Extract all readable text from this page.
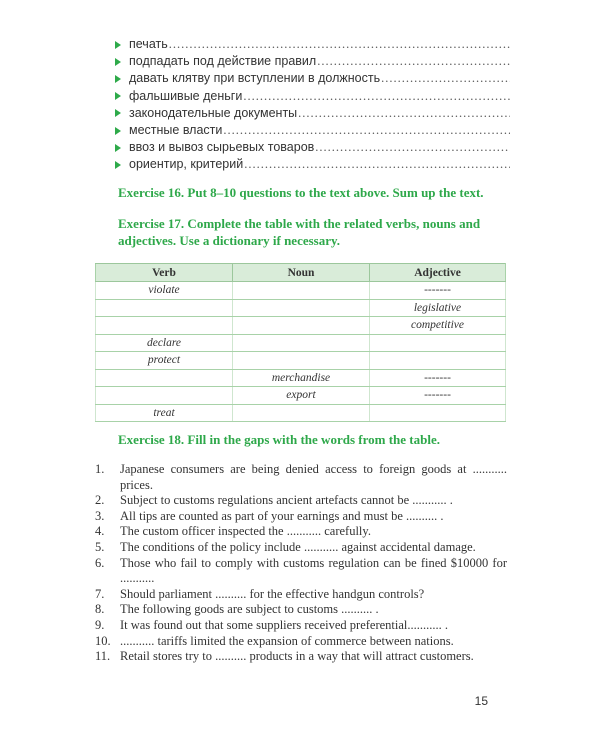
печать
.....
подпадать под действие правил
.....
давать клятву при вступлении в должность
.....
фальшивые деньги
.....
законодательные документы
.....
местные власти
.....
ввоз и вывоз сырьевых товаров
.....
ориентир, критерий
.....

Exercise 16. Put 8–10 questions to the text above. Sum up the text.

Exercise 17. Complete the table with the related verbs, nouns and adjectives. Use a dictionary if necessary.

Verb	Noun	Adjective
violate		-------
		legislative
		competitive
declare		
protect		
	merchandise	-------
	export	-------
treat		

Exercise 18. Fill in the gaps with the words from the table.

1.	Japanese consumers are being denied access to foreign goods at ........... prices.
2.	Subject to customs regulations ancient artefacts cannot be ........... .
3.	All tips are counted as part of your earnings and must be .......... .
4.	The custom officer inspected the ........... carefully.
5.	The conditions of the policy include ........... against accidental damage.
6.	Those who fail to comply with customs regulation can be fined $10000 for ...........
7.	Should parliament .......... for the effective handgun controls?
8.	The following goods are subject to customs .......... .
9.	It was found out that some suppliers received preferential........... .
10. ........... tariffs limited the expansion of commerce between nations.
11. Retail stores try to .......... products in a way that will attract customers.
15
